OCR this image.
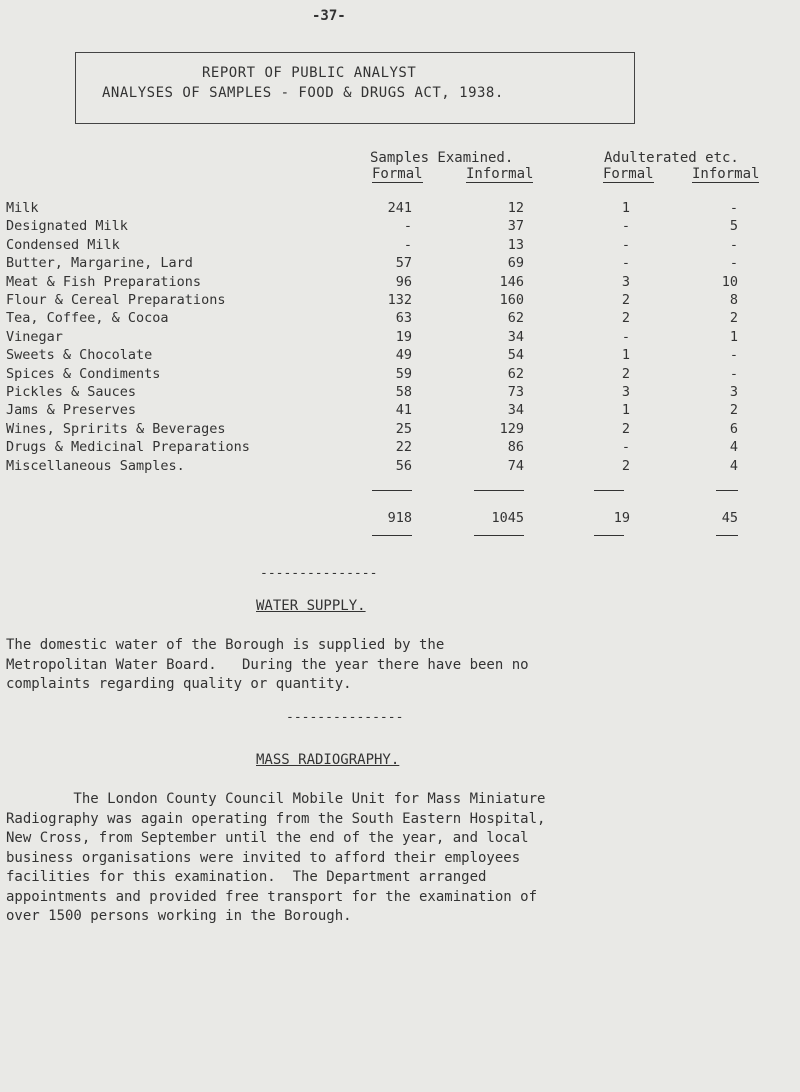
-37-
REPORT OF PUBLIC ANALYST
ANALYSES OF SAMPLES - FOOD & DRUGS ACT, 1938.
Samples Examined.	Adulterated etc.
Formal	Informal	Formal	Informal
Milk	241	12	1	-
Designated Milk	-	37	-	5
Condensed Milk	-	13	-	-
Butter, Margarine, Lard	57	69	-	-
Meat & Fish Preparations	96	146	3	10
Flour & Cereal Preparations	132	160	2	8
Tea, Coffee, & Cocoa	63	62	2	2
Vinegar	19	34	-	1
Sweets & Chocolate	49	54	1	-
Spices & Condiments	59	62	2	-
Pickles & Sauces	58	73	3	3
Jams & Preserves	41	34	1	2
Wines, Spririts & Beverages	25	129	2	6
Drugs & Medicinal Preparations	22	86	-	4
Miscellaneous Samples.	56	74	2	4
918	1045	19	45
---------------
WATER SUPPLY.
The domestic water of the Borough is supplied by the
Metropolitan Water Board.   During the year there have been no
complaints regarding quality or quantity.
---------------
MASS RADIOGRAPHY.
The London County Council Mobile Unit for Mass Miniature
Radiography was again operating from the South Eastern Hospital,
New Cross, from September until the end of the year, and local
business organisations were invited to afford their employees
facilities for this examination.  The Department arranged
appointments and provided free transport for the examination of
over 1500 persons working in the Borough.
